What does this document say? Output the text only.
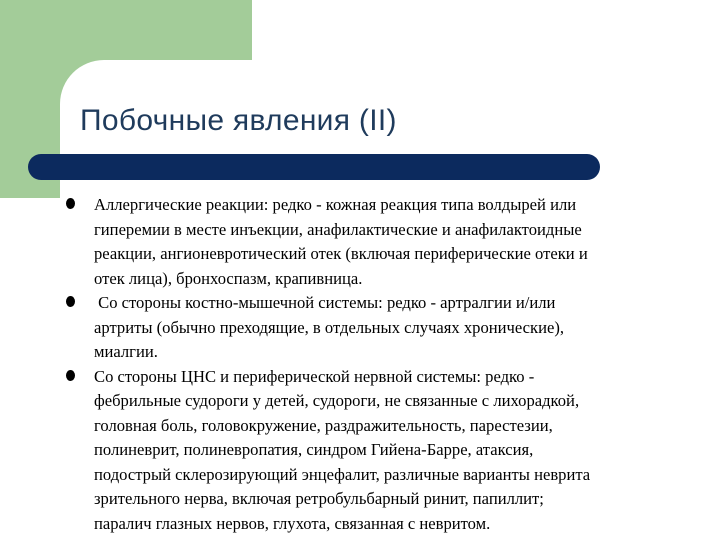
Побочные явления (II)
Аллергические реакции: редко - кожная реакция типа волдырей или
гиперемии в месте инъекции, анафилактические и анафилактоидные
реакции, ангионевротический отек (включая периферические отеки и
отек лица), бронхоспазм, крапивница.
Со стороны костно-мышечной системы: редко - артралгии и/или
артриты (обычно преходящие, в отдельных случаях хронические),
миалгии.
Со стороны ЦНС и периферической нервной системы: редко -
фебрильные судороги у детей, судороги, не связанные с лихорадкой,
головная боль, головокружение, раздражительность, парестезии,
полиневрит, полиневропатия, синдром Гийена-Барре, атаксия,
подострый склерозирующий энцефалит, различные варианты неврита
зрительного нерва, включая ретробульбарный ринит, папиллит;
паралич глазных нервов, глухота, связанная с невритом.
